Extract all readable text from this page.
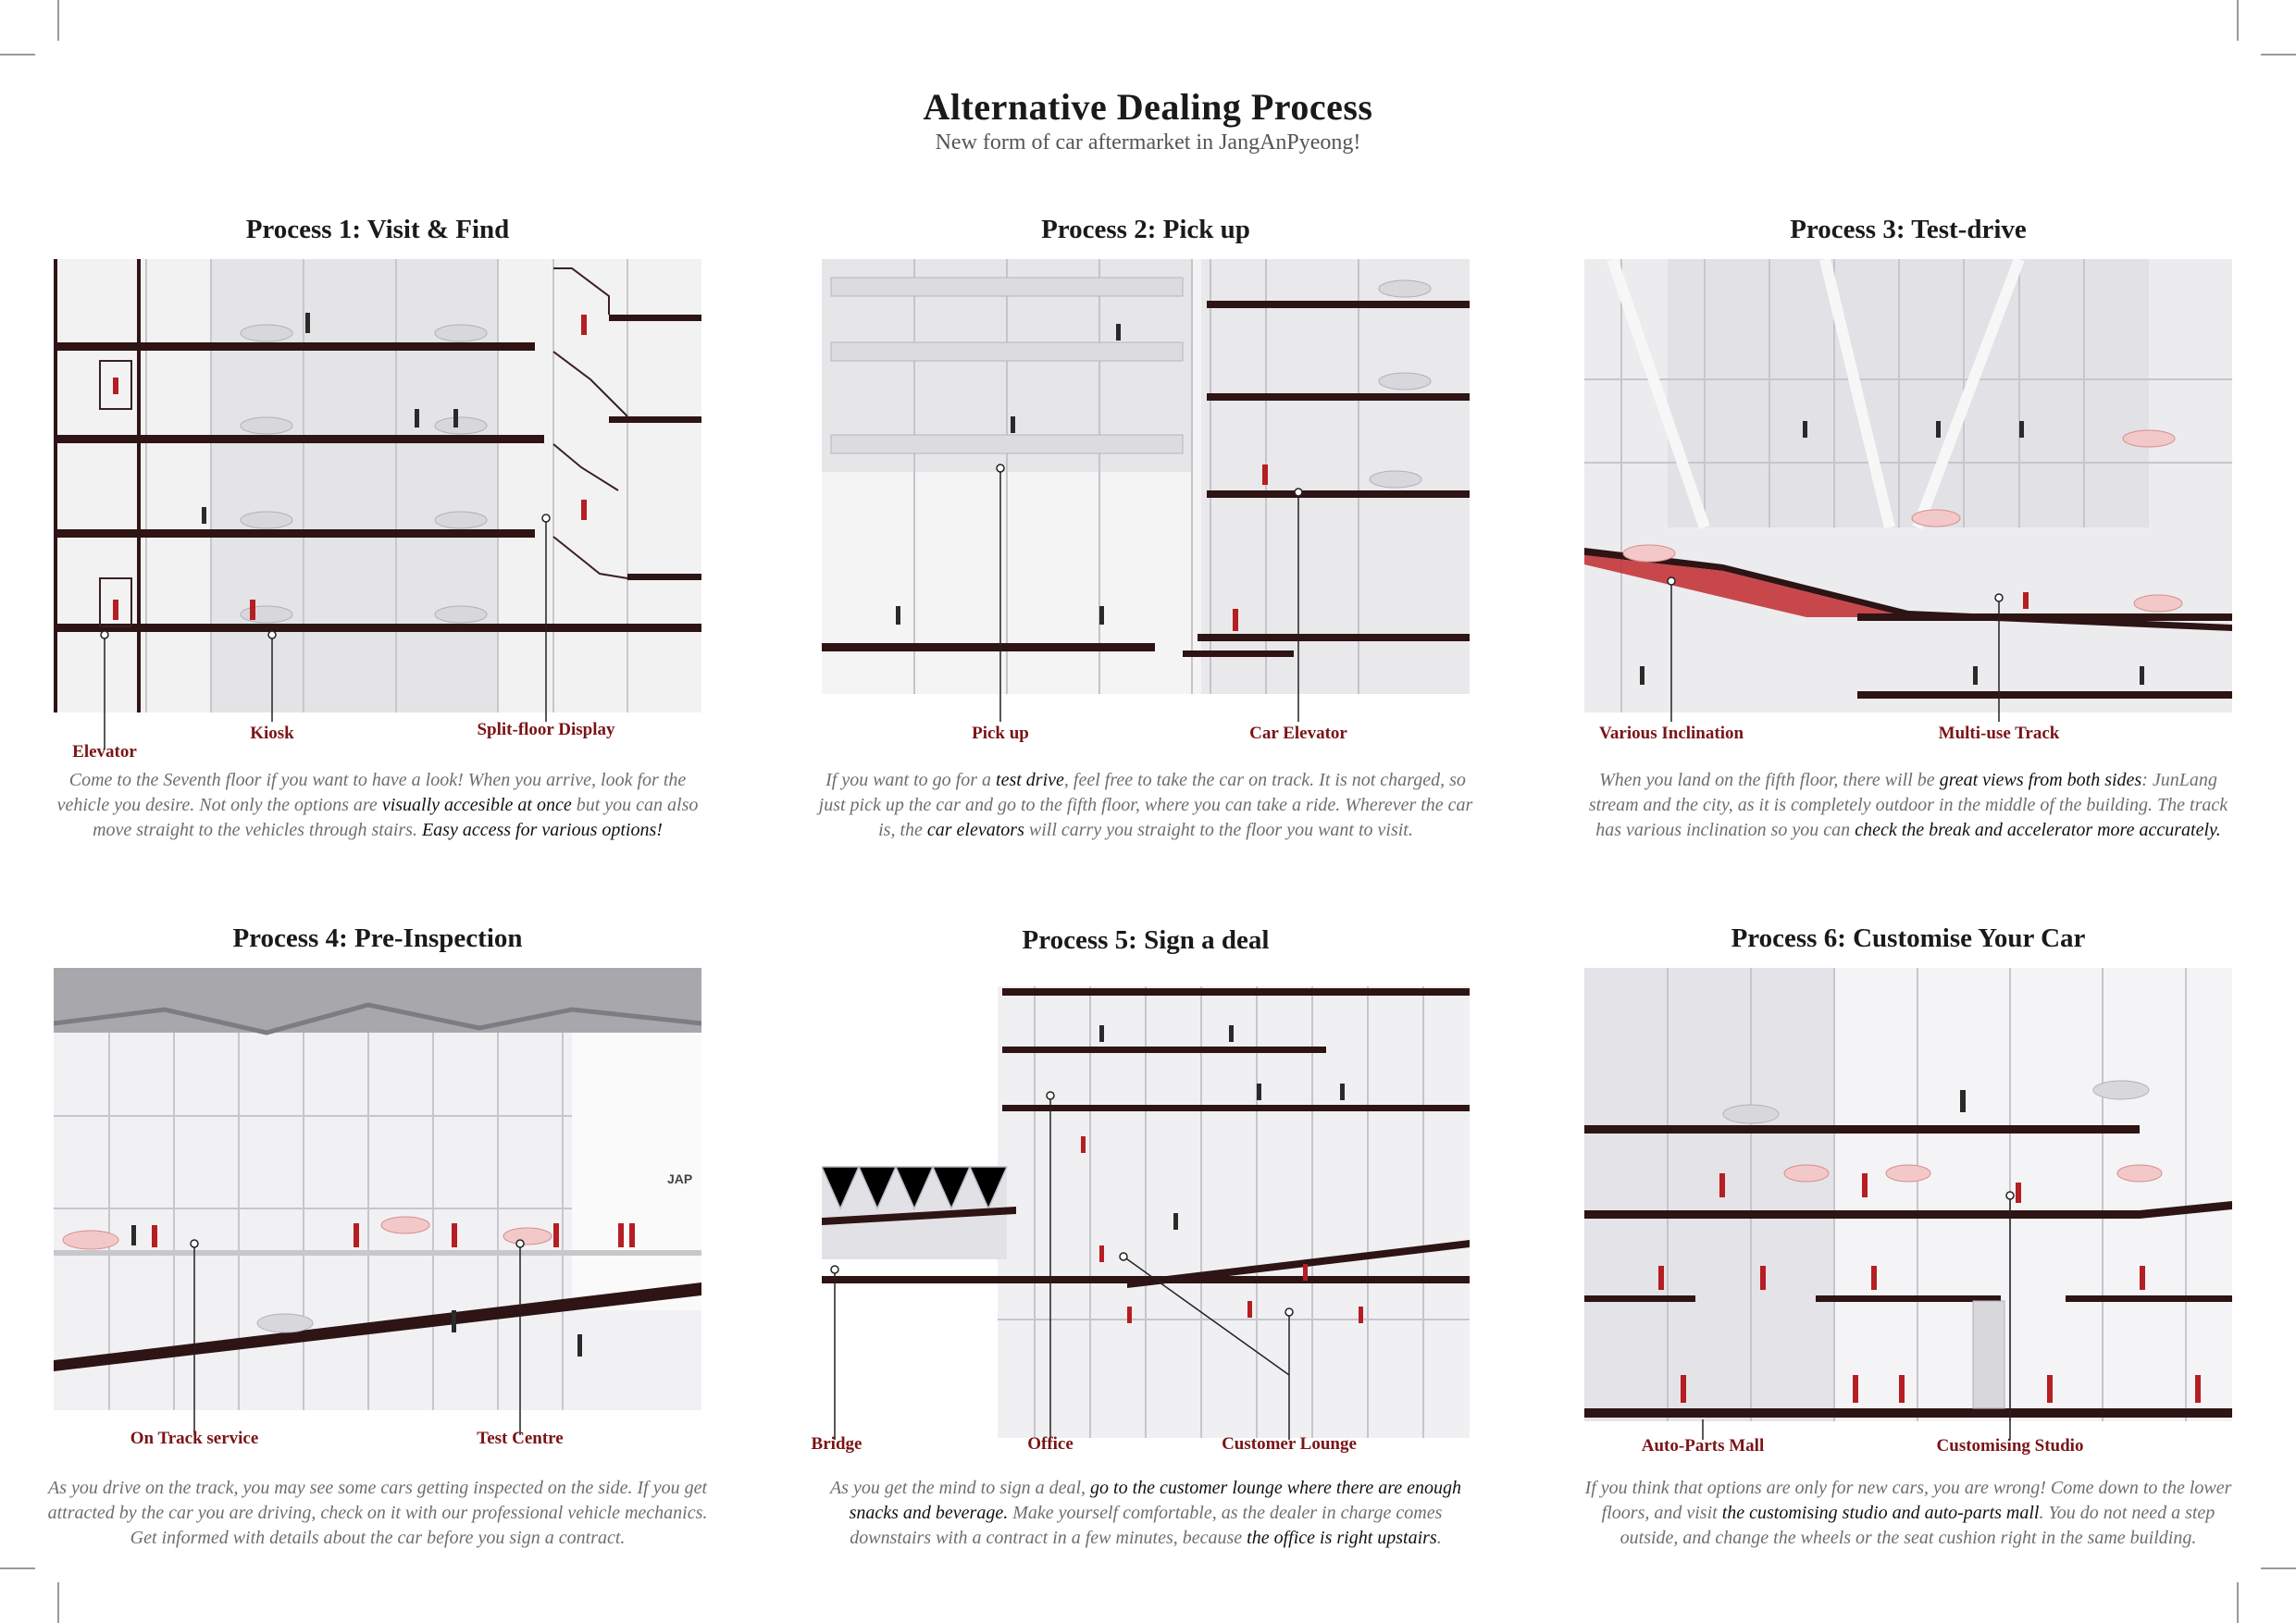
Alternative Dealing Process
New form of car aftermarket in JangAnPyeong!
Process 1: Visit & Find
Elevator
Kiosk	Split-floor Display
Come to the Seventh floor if you want to have a look! When you arrive, look for the vehicle you desire. Not only the options are visually accesible at once but you can also move straight to the vehicles through stairs. Easy access for various options!
Process 2: Pick up
Pick up	Car Elevator
If you want to go for a test drive, feel free to take the car on track. It is not charged, so just pick up the car and go to the fifth floor, where you can take a ride. Wherever the car is, the car elevators will carry you straight to the floor you want to visit.
Process 3: Test-drive
Various Inclination	Multi-use Track
When you land on the fifth floor, there will be great views from both sides: JunLang stream and the city, as it is completely outdoor in the middle of the building. The track has various inclination so you can check the break and accelerator more accurately.
Process 4: Pre-Inspection
JAP
On Track service	Test Centre
As you drive on the track, you may see some cars getting inspected on the side. If you get attracted by the car you are driving, check on it with our professional vehicle mechanics. Get informed with details about the car before you sign a contract.
Process 5: Sign a deal
Bridge	Office	Customer Lounge
As you get the mind to sign a deal, go to the customer lounge where there are enough snacks and beverage. Make yourself comfortable, as the dealer in charge comes downstairs with a contract in a few minutes, because the office is right upstairs.
Process 6: Customise Your Car
Auto-Parts Mall	Customising Studio
If you think that options are only for new cars, you are wrong! Come down to the lower floors, and visit the customising studio and auto-parts mall. You do not need a step outside, and change the wheels or the seat cushion right in the same building.
